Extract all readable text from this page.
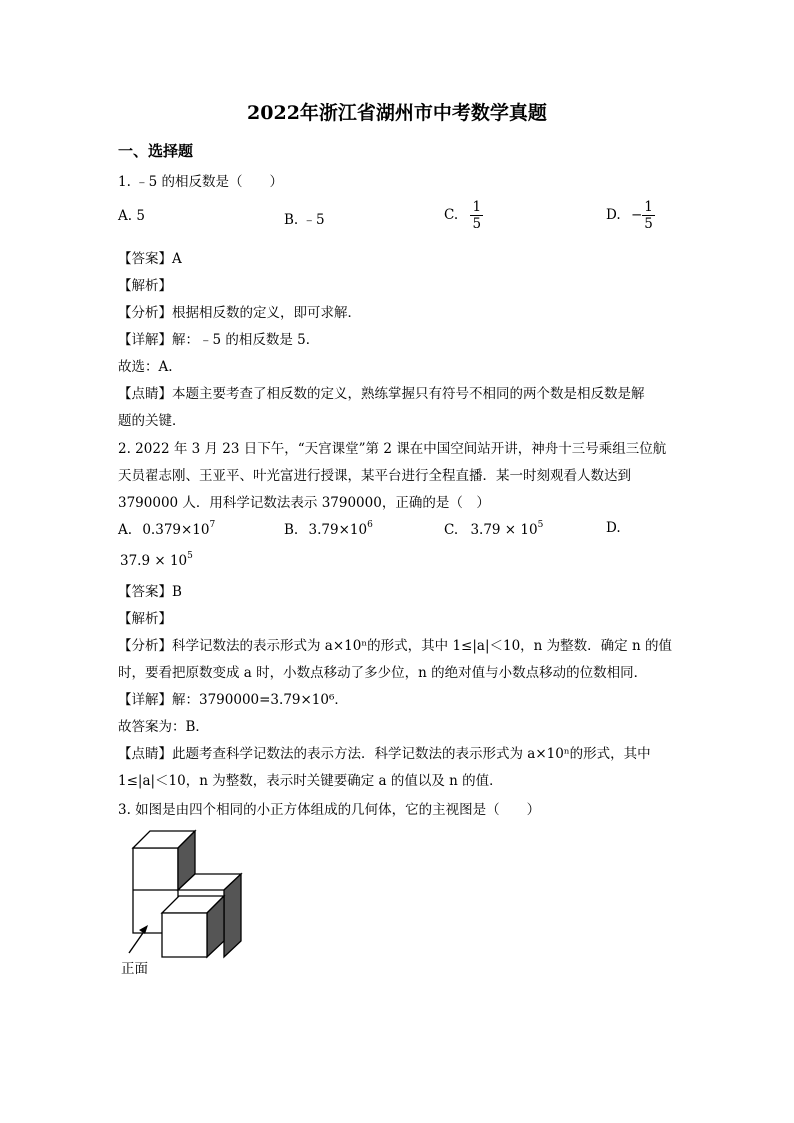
2022年浙江省湖州市中考数学真题
一、选择题
1. ﹣5 的相反数是（　　）
A. 5	B. ﹣5	C. $\frac{1}{5}$	D. − $\frac{1}{5}$
【答案】A
【解析】
【分析】根据相反数的定义，即可求解．
【详解】解：﹣5 的相反数是 5．
故选：A.
【点睛】本题主要考查了相反数的定义，熟练掌握只有符号不相同的两个数是相反数是解
题的关键．
2. 2022 年 3 月 23 日下午，“天宫课堂”第 2 课在中国空间站开讲，神舟十三号乘组三位航
天员翟志刚、王亚平、叶光富进行授课，某平台进行全程直播．某一时刻观看人数达到
3790000 人．用科学记数法表示 3790000，正确的是（　）
A. $0.379\times 10^7$	B. $3.79\times 10^6$	C. $3.79 \times 10^5$	D.
$37.9 \times 10^5$
【答案】B
【解析】
【分析】科学记数法的表示形式为 a×10ⁿ的形式，其中 1≤|a|＜10，n 为整数．确定 n 的值
时，要看把原数变成 a 时，小数点移动了多少位，n 的绝对值与小数点移动的位数相同．
【详解】解：3790000=3.79×10⁶．
故答案为：B．
【点睛】此题考查科学记数法的表示方法．科学记数法的表示形式为 a×10ⁿ的形式，其中
1≤|a|＜10，n 为整数，表示时关键要确定 a 的值以及 n 的值．
3. 如图是由四个相同的小正方体组成的几何体，它的主视图是（　　）
正面
